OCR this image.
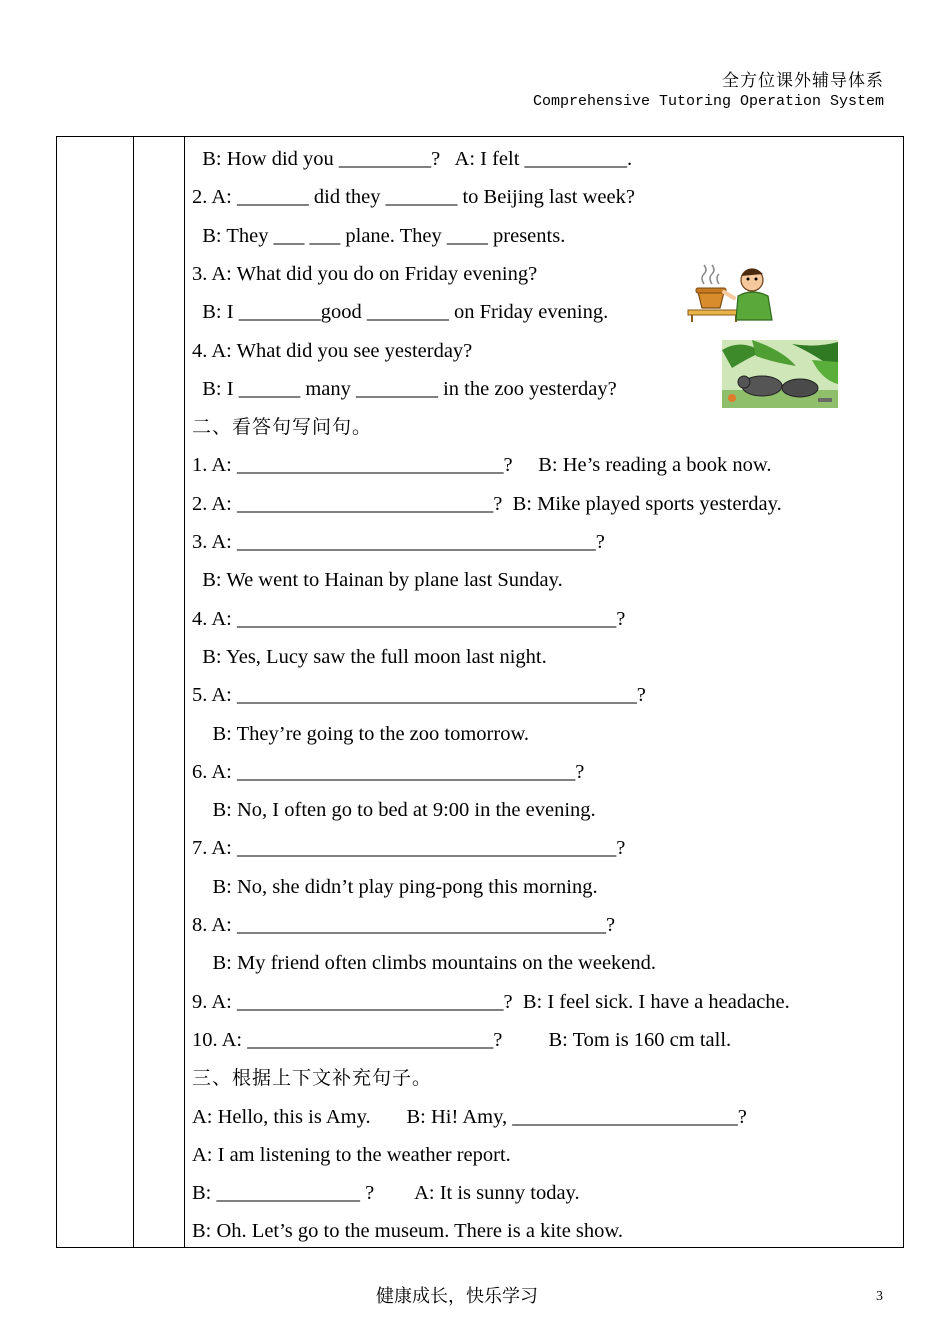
全方位课外辅导体系
Comprehensive Tutoring Operation System
B: How did you _________?   A: I felt __________.
2. A: _______ did they _______ to Beijing last week?
B: They ___ ___ plane. They ____ presents.
3. A: What did you do on Friday evening?
B: I ________good ________ on Friday evening.
4. A: What did you see yesterday?
B: I ______ many ________ in the zoo yesterday?
二、看答句写问句。
1. A: __________________________?     B: He’s reading a book now.
2. A: _________________________?  B: Mike played sports yesterday.
3. A: ___________________________________?
B: We went to Hainan by plane last Sunday.
4. A: _____________________________________?
B: Yes, Lucy saw the full moon last night.
5. A: _______________________________________?
B: They’re going to the zoo tomorrow.
6. A: _________________________________?
B: No, I often go to bed at 9:00 in the evening.
7. A: _____________________________________?
B: No, she didn’t play ping-pong this morning.
8. A: ____________________________________?
B: My friend often climbs mountains on the weekend.
9. A: __________________________?  B: I feel sick. I have a headache.
10. A: ________________________?         B: Tom is 160 cm tall.
三、根据上下文补充句子。
A: Hello, this is Amy.       B: Hi! Amy, ______________________?
A: I am listening to the weather report.
B: ______________ ?        A: It is sunny today.
B: Oh. Let’s go to the museum. There is a kite show.
健康成长，快乐学习	3
